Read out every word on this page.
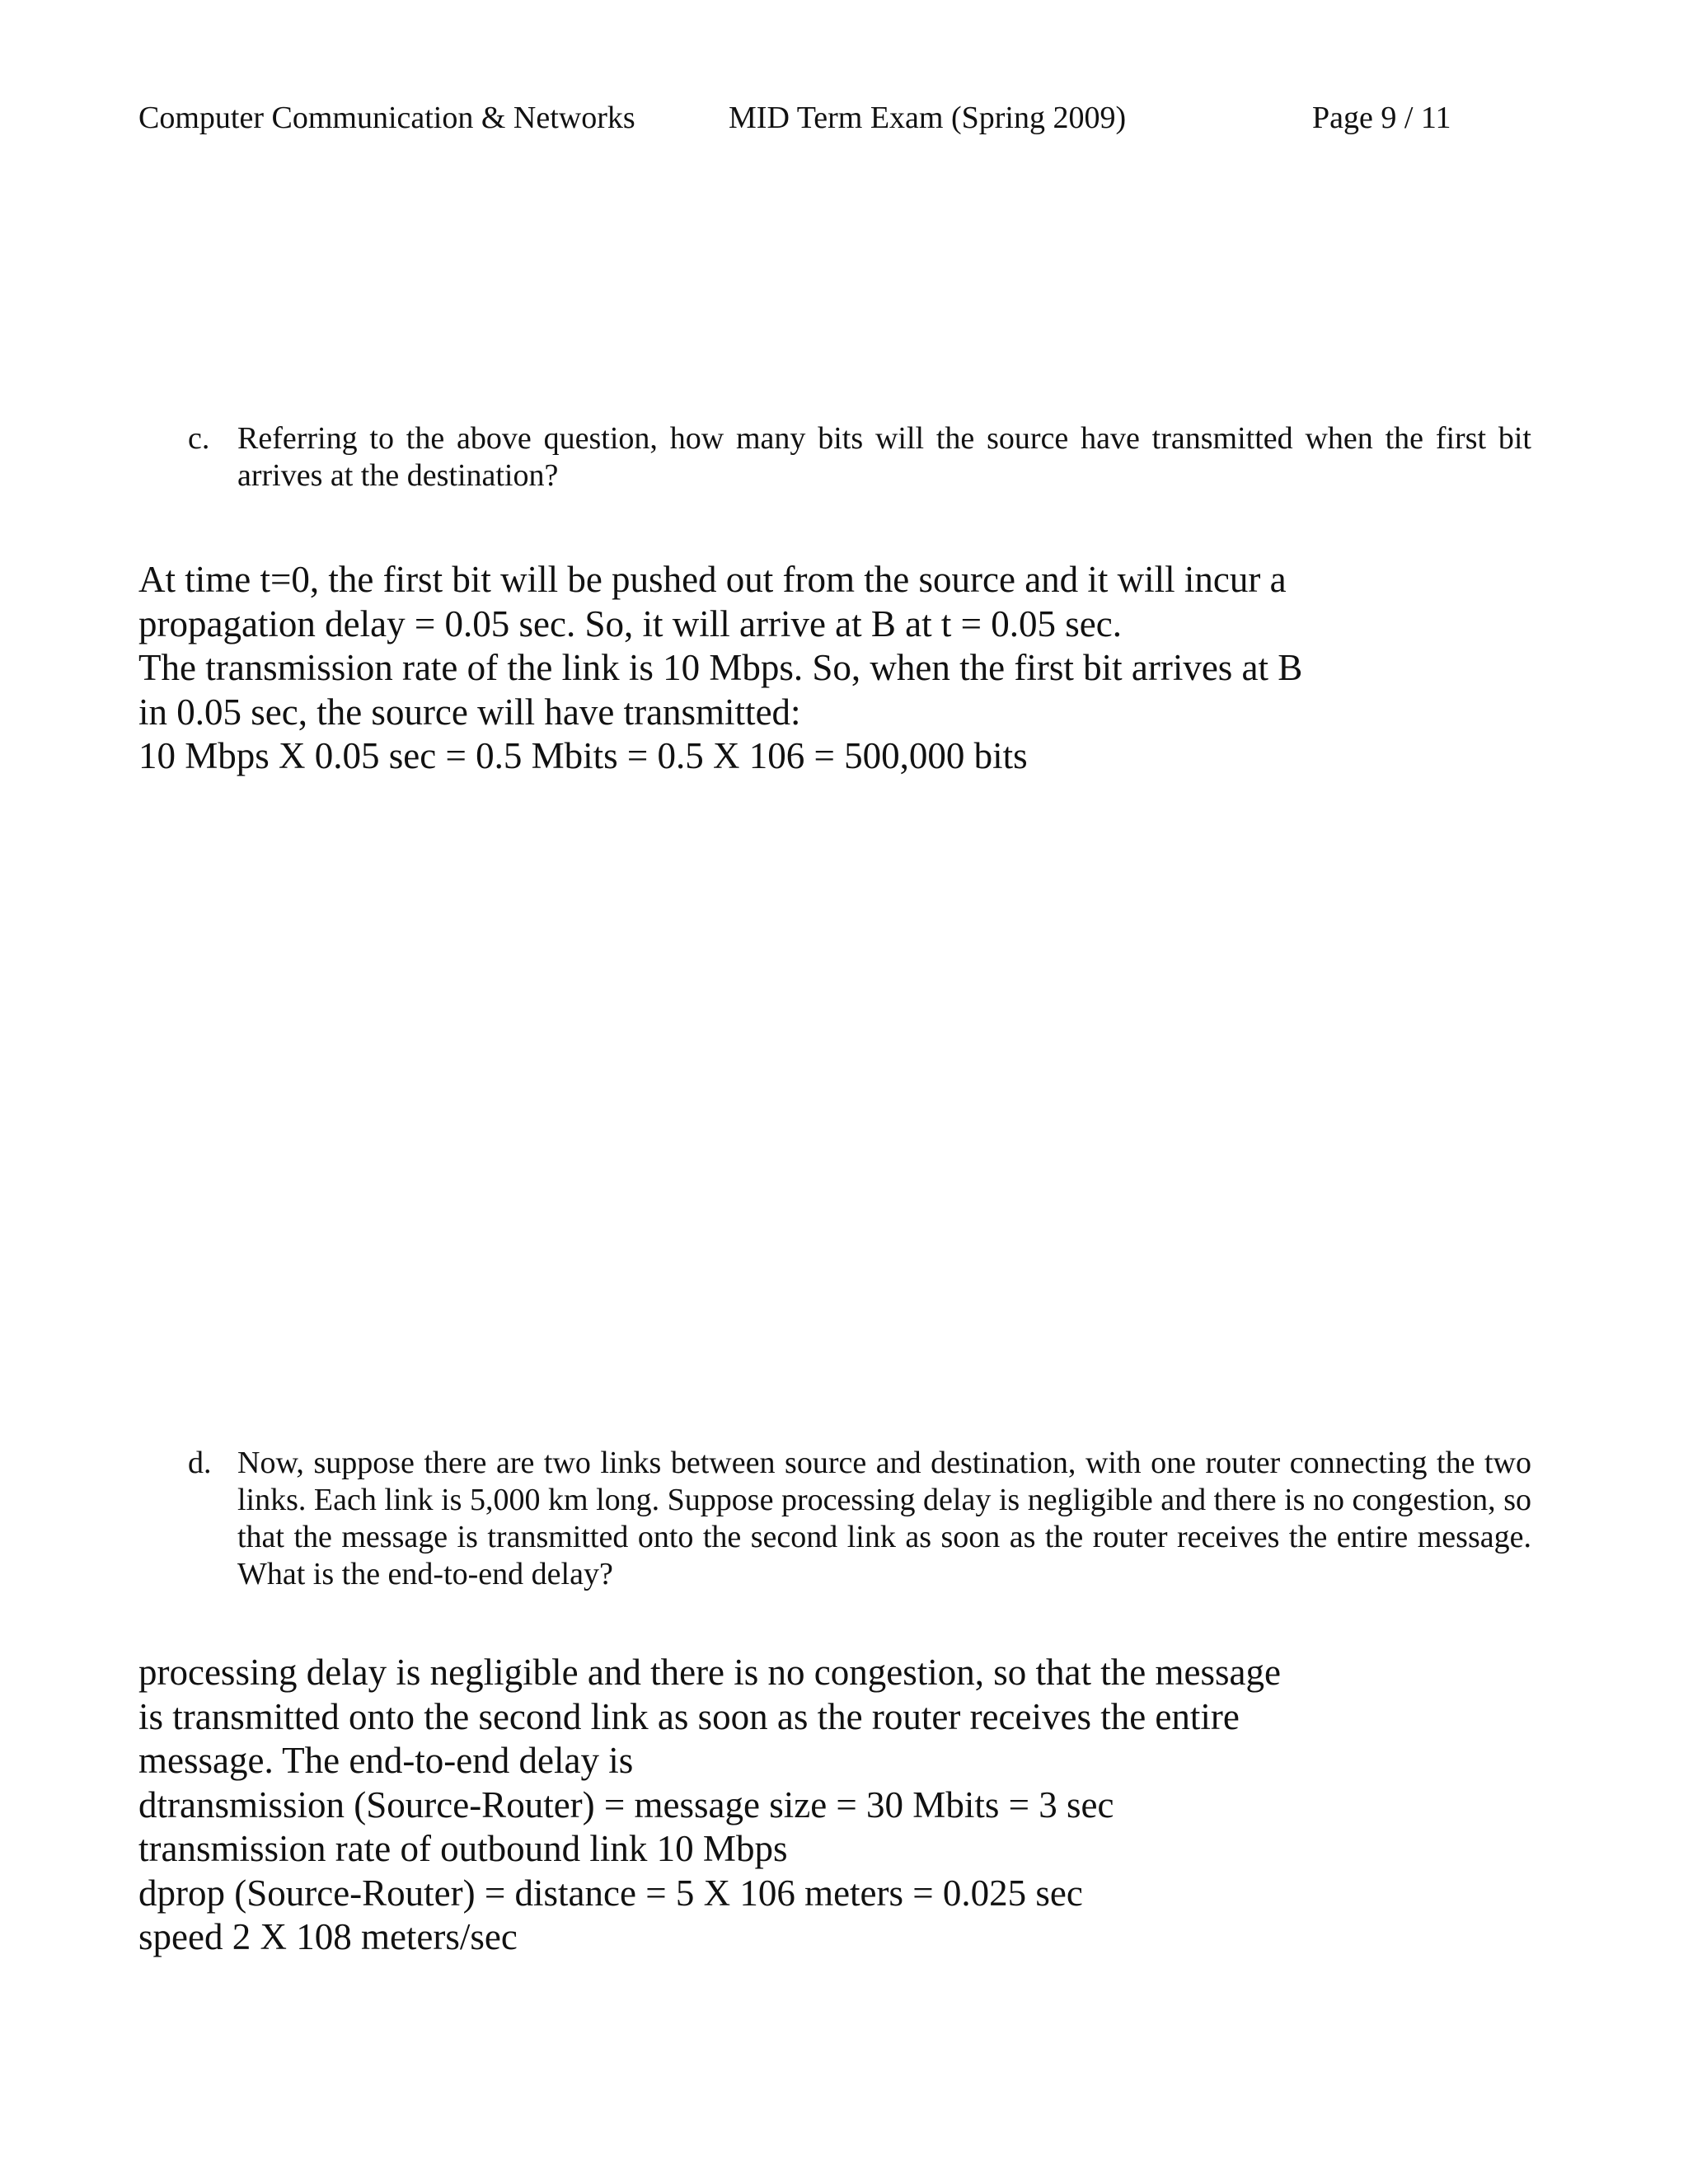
Computer Communication & Networks	MID Term Exam (Spring 2009)	Page 9 / 11
c. Referring to the above question, how many bits will the source have transmitted when the first bit arrives at the destination?
At time t=0, the first bit will be pushed out from the source and it will incur a
propagation delay = 0.05 sec. So, it will arrive at B at t = 0.05 sec.
The transmission rate of the link is 10 Mbps. So, when the first bit arrives at B
in 0.05 sec, the source will have transmitted:
10 Mbps X 0.05 sec = 0.5 Mbits = 0.5 X 106 = 500,000 bits
d. Now, suppose there are two links between source and destination, with one router connecting the two links. Each link is 5,000 km long. Suppose processing delay is negligible and there is no congestion, so that the message is transmitted onto the second link as soon as the router receives the entire message. What is the end-to-end delay?
processing delay is negligible and there is no congestion, so that the message
is transmitted onto the second link as soon as the router receives the entire
message. The end-to-end delay is
dtransmission (Source-Router) = message size = 30 Mbits = 3 sec
transmission rate of outbound link 10 Mbps
dprop (Source-Router) = distance = 5 X 106 meters = 0.025 sec
speed 2 X 108 meters/sec
